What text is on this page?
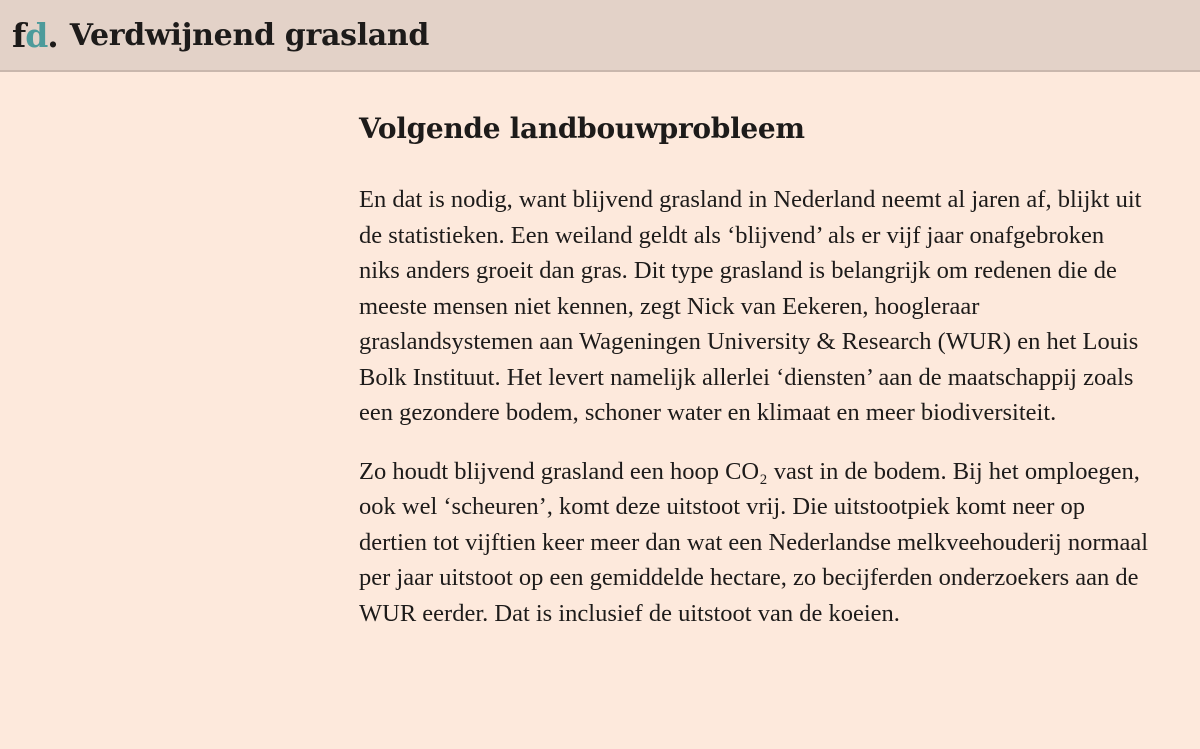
f d . Verdwijnend grasland
Volgende landbouwprobleem

En dat is nodig, want blijvend grasland in Nederland neemt al jaren af, blijkt uit de statistieken. Een weiland geldt als ‘blijvend’ als er vijf jaar onafgebroken niks anders groeit dan gras. Dit type grasland is belangrijk om redenen die de meeste mensen niet kennen, zegt Nick van Eekeren, hoogleraar graslandsystemen aan Wageningen University & Research (WUR) en het Louis Bolk Instituut. Het levert namelijk allerlei ‘diensten’ aan de maatschappij zoals een gezondere bodem, schoner water en klimaat en meer biodiversiteit.

Zo houdt blijvend grasland een hoop CO₂ vast in de bodem. Bij het omploegen, ook wel ‘scheuren’, komt deze uitstoot vrij. Die uitstootpiek komt neer op dertien tot vijftien keer meer dan wat een Nederlandse melkveehouderij normaal per jaar uitstoot op een gemiddelde hectare, zo becijferden onderzoekers aan de WUR eerder. Dat is inclusief de uitstoot van de koeien.
